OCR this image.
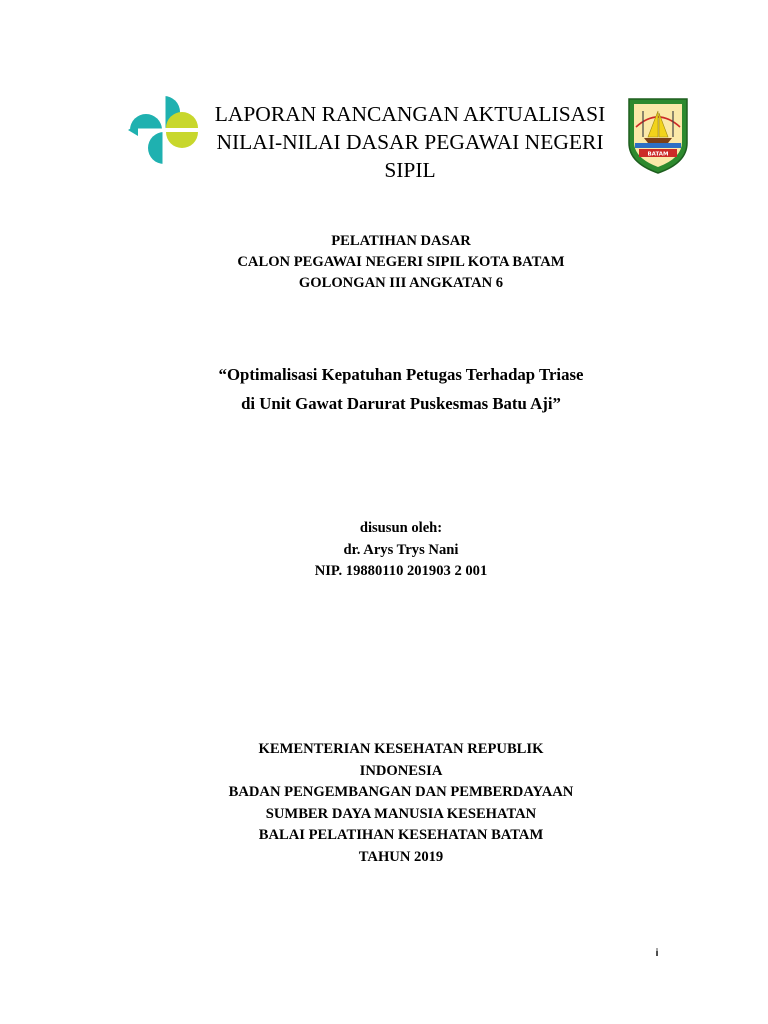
LAPORAN RANCANGAN AKTUALISASI
NILAI-NILAI DASAR PEGAWAI NEGERI
SIPIL
BATAM
PELATIHAN DASAR
CALON PEGAWAI NEGERI SIPIL KOTA BATAM
GOLONGAN III ANGKATAN 6
“Optimalisasi Kepatuhan Petugas Terhadap Triase
di Unit Gawat Darurat Puskesmas Batu Aji”
disusun oleh:
dr. Arys Trys Nani
NIP. 19880110 201903 2 001
KEMENTERIAN KESEHATAN REPUBLIK
INDONESIA
BADAN PENGEMBANGAN DAN PEMBERDAYAAN
SUMBER DAYA MANUSIA KESEHATAN
BALAI PELATIHAN KESEHATAN BATAM
TAHUN 2019
i
